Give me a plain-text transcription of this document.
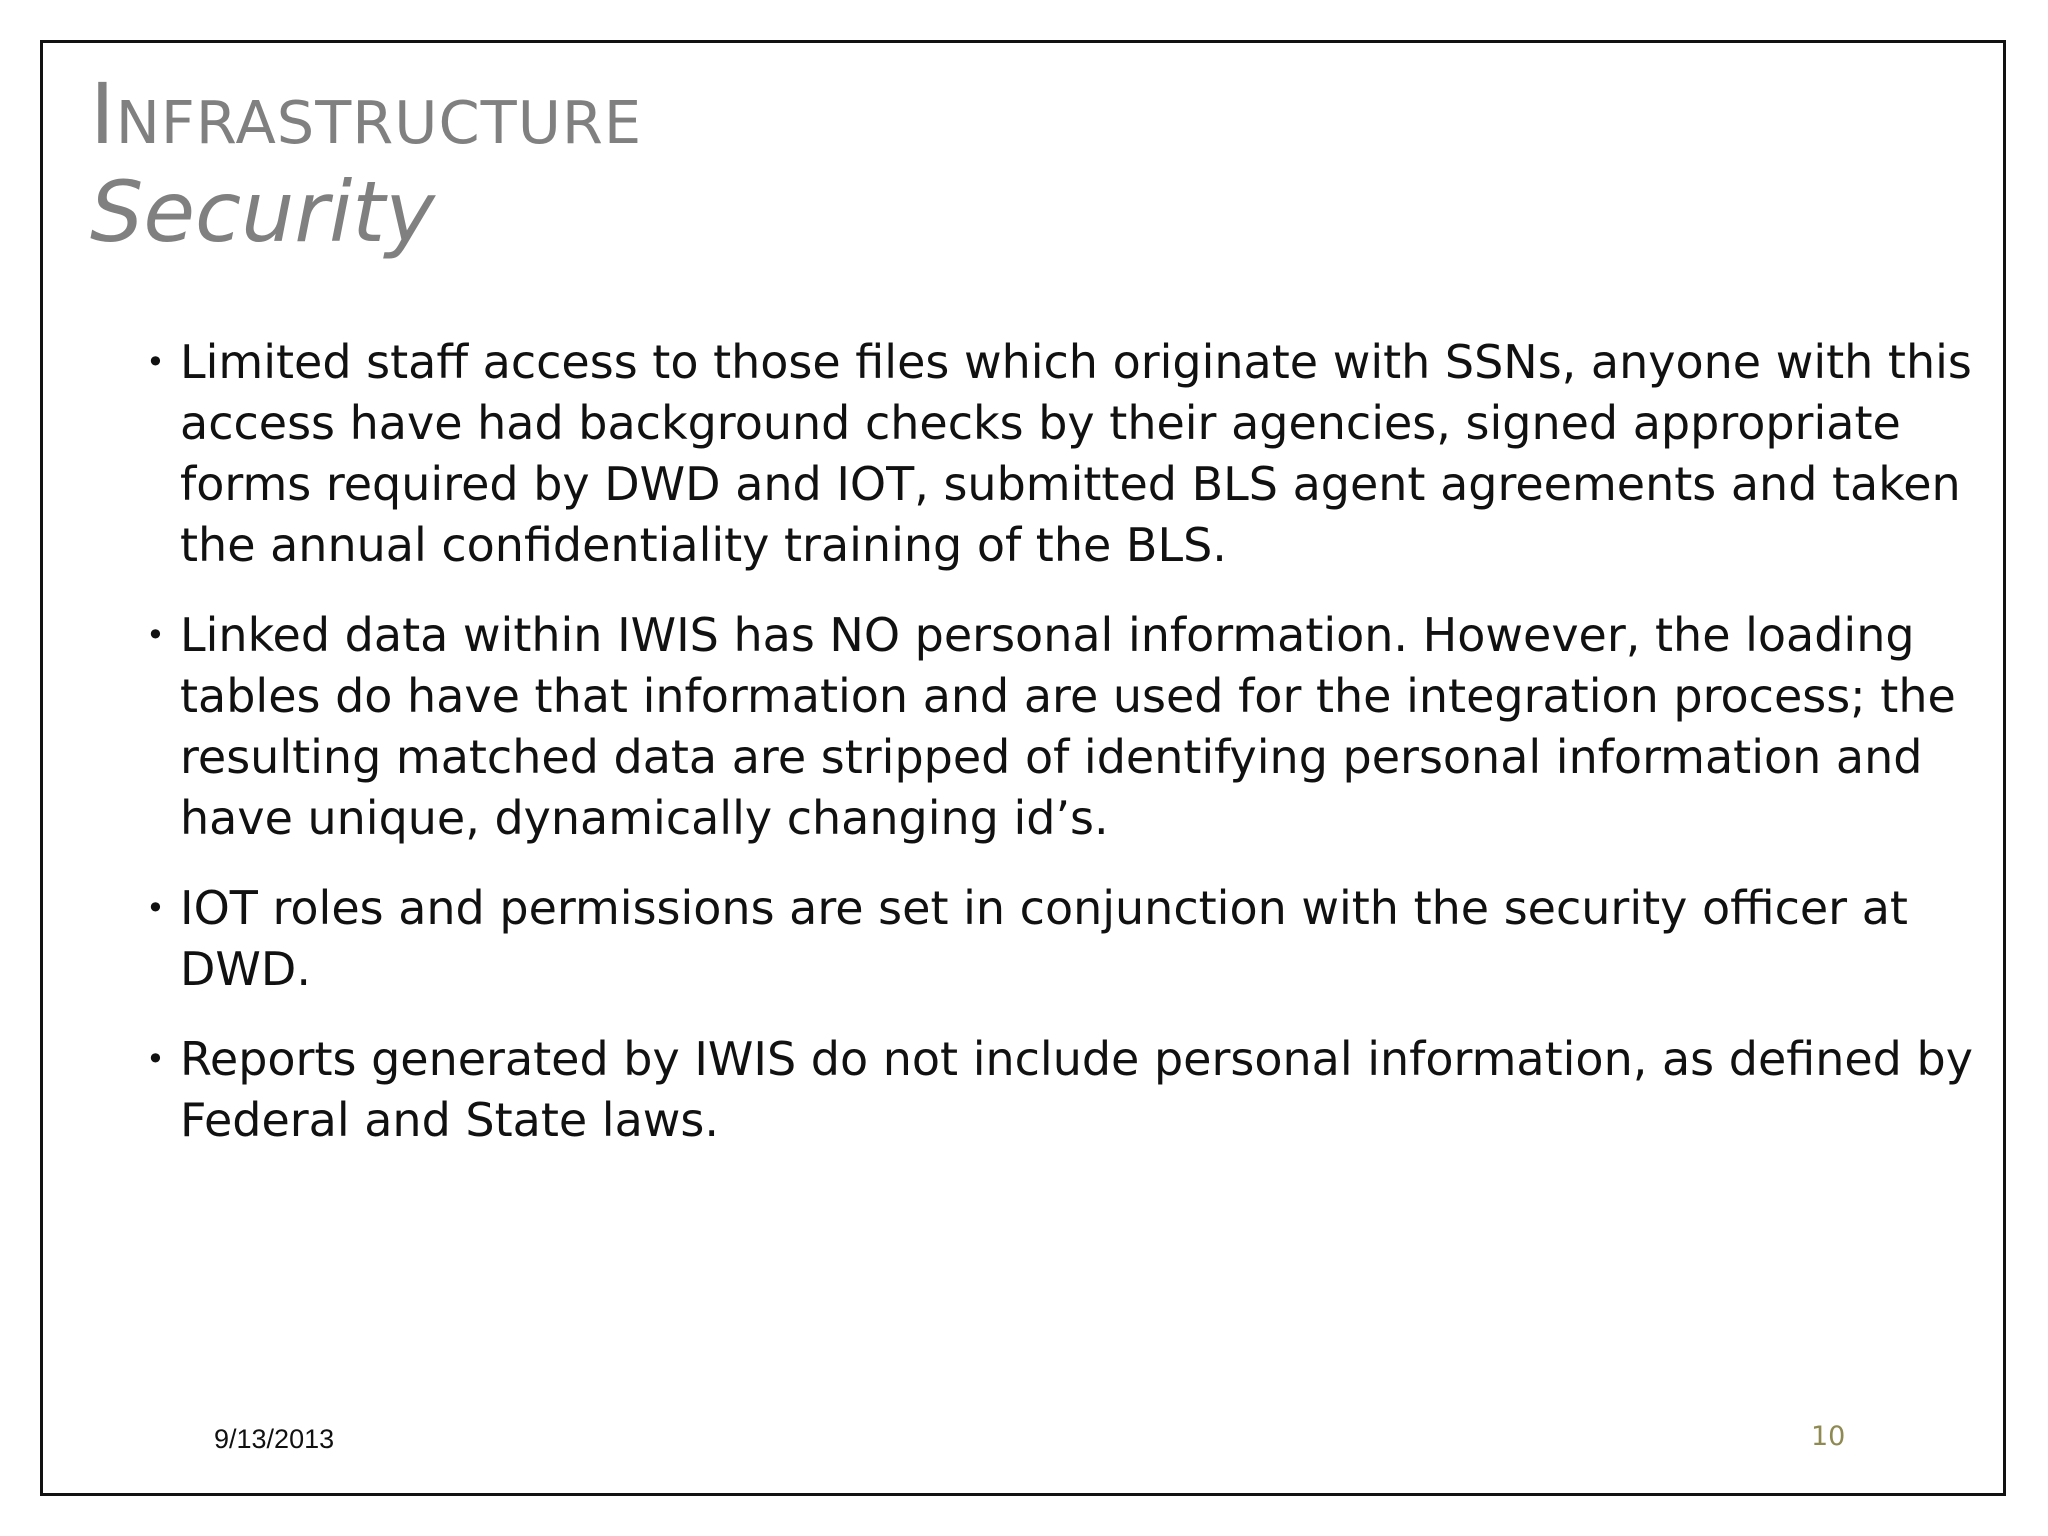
Infrastructure
Security
• Limited staff access to those files which originate with SSNs, anyone with this access have had background checks by their agencies, signed appropriate forms required by DWD and IOT, submitted BLS agent agreements and taken the annual confidentiality training of the BLS.
• Linked data within IWIS has NO personal information. However, the loading tables do have that information and are used for the integration process; the resulting matched data are stripped of identifying personal information and have unique, dynamically changing id’s.
• IOT roles and permissions are set in conjunction with the security officer at DWD.
• Reports generated by IWIS do not include personal information, as defined by Federal and State laws.
9/13/2013	10
